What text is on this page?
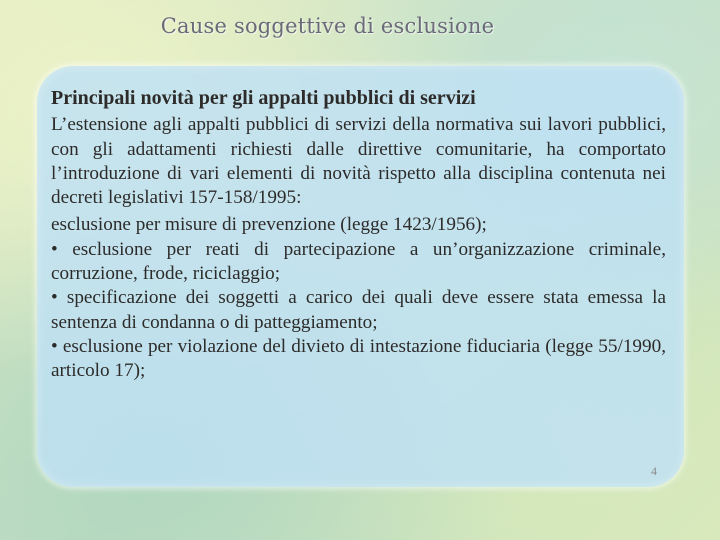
Cause soggettive di esclusione
Principali novità per gli appalti pubblici di servizi

L’estensione agli appalti pubblici di servizi della normativa sui lavori pubblici, con gli adattamenti richiesti dalle direttive comunitarie, ha comportato l’introduzione di vari elementi di novità rispetto alla disciplina contenuta nei decreti legislativi 157-158/1995:

esclusione per misure di prevenzione (legge 1423/1956);
• esclusione per reati di partecipazione a un’organizzazione criminale, corruzione, frode, riciclaggio;
• specificazione dei soggetti a carico dei quali deve essere stata emessa la sentenza di condanna o di patteggiamento;
• esclusione per violazione del divieto di intestazione fiduciaria (legge 55/1990, articolo 17);
4
